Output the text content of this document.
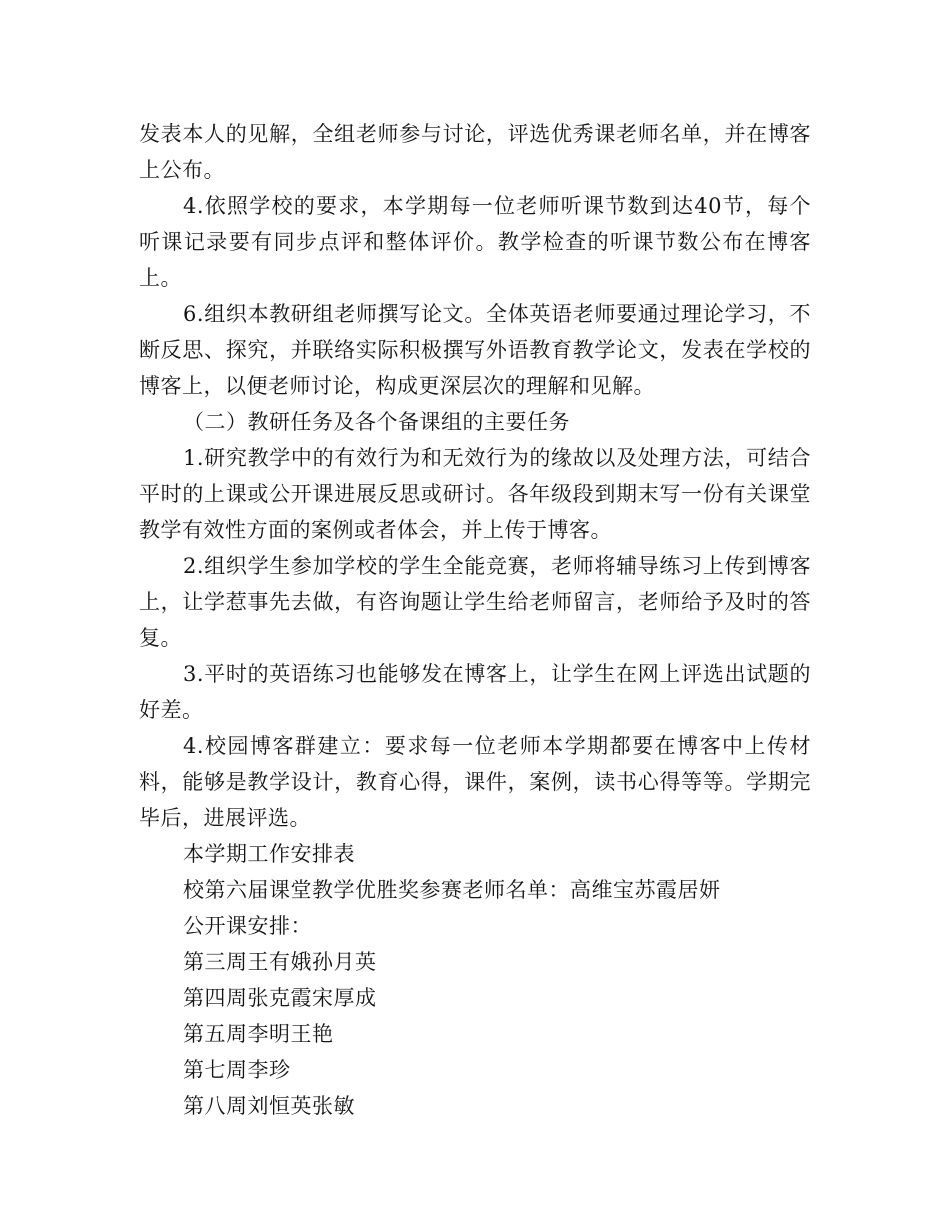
发表本人的见解，全组老师参与讨论，评选优秀课老师名单，并在博客上公布。

4.依照学校的要求，本学期每一位老师听课节数到达40节，每个听课记录要有同步点评和整体评价。教学检查的听课节数公布在博客上。

6.组织本教研组老师撰写论文。全体英语老师要通过理论学习，不断反思、探究，并联络实际积极撰写外语教育教学论文，发表在学校的博客上，以便老师讨论，构成更深层次的理解和见解。

（二）教研任务及各个备课组的主要任务

1.研究教学中的有效行为和无效行为的缘故以及处理方法，可结合平时的上课或公开课进展反思或研讨。各年级段到期末写一份有关课堂教学有效性方面的案例或者体会，并上传于博客。

2.组织学生参加学校的学生全能竞赛，老师将辅导练习上传到博客上，让学惹事先去做，有咨询题让学生给老师留言，老师给予及时的答复。

3.平时的英语练习也能够发在博客上，让学生在网上评选出试题的好差。

4.校园博客群建立：要求每一位老师本学期都要在博客中上传材料，能够是教学设计，教育心得，课件，案例，读书心得等等。学期完毕后，进展评选。

本学期工作安排表

校第六届课堂教学优胜奖参赛老师名单：高维宝苏霞居妍

公开课安排：

第三周王有娥孙月英

第四周张克霞宋厚成

第五周李明王艳

第七周李珍

第八周刘恒英张敏
